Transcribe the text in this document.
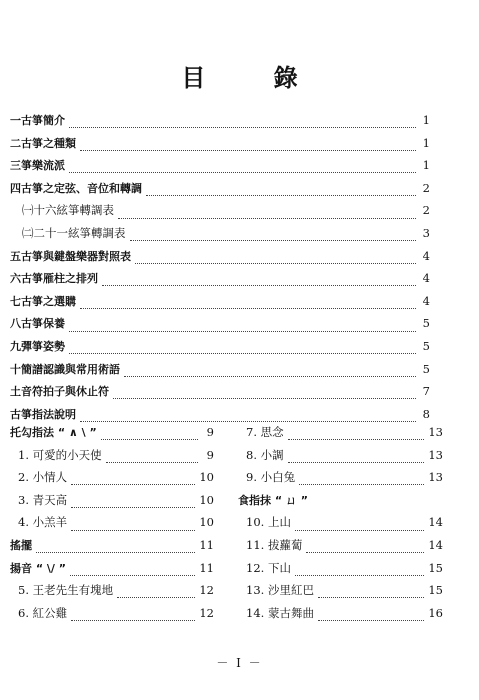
目 錄
一古箏簡介	1
二古箏之種類	1
三箏樂流派	1
四古箏之定弦、音位和轉調	2
㈠十六絃箏轉調表	2
㈡二十一絃箏轉調表	3
五古箏與鍵盤樂器對照表	4
六古箏雁柱之排列	4
七古箏之選購	4
八古箏保養	5
九彈箏姿勢	5
十簡譜認識與常用術語	5
土音符拍子與休止符	7
古箏指法說明	8
托勾指法 “ ∧ \ ”	9
1. 可愛的小天使	9
2. 小情人	10
3. 青天高	10
4. 小羔羊	10
搖擺	11
揚音 “ \/ ”	11
5. 王老先生有塊地	12
6. 紅公雞	12
7. 思念	13
8. 小調	13
9. 小白兔	13
食指抹 “ ㄩ ”
10. 上山	14
11. 拔蘿蔔	14
12. 下山	15
13. 沙里紅巴	15
14. 蒙古舞曲	16
－ I －
